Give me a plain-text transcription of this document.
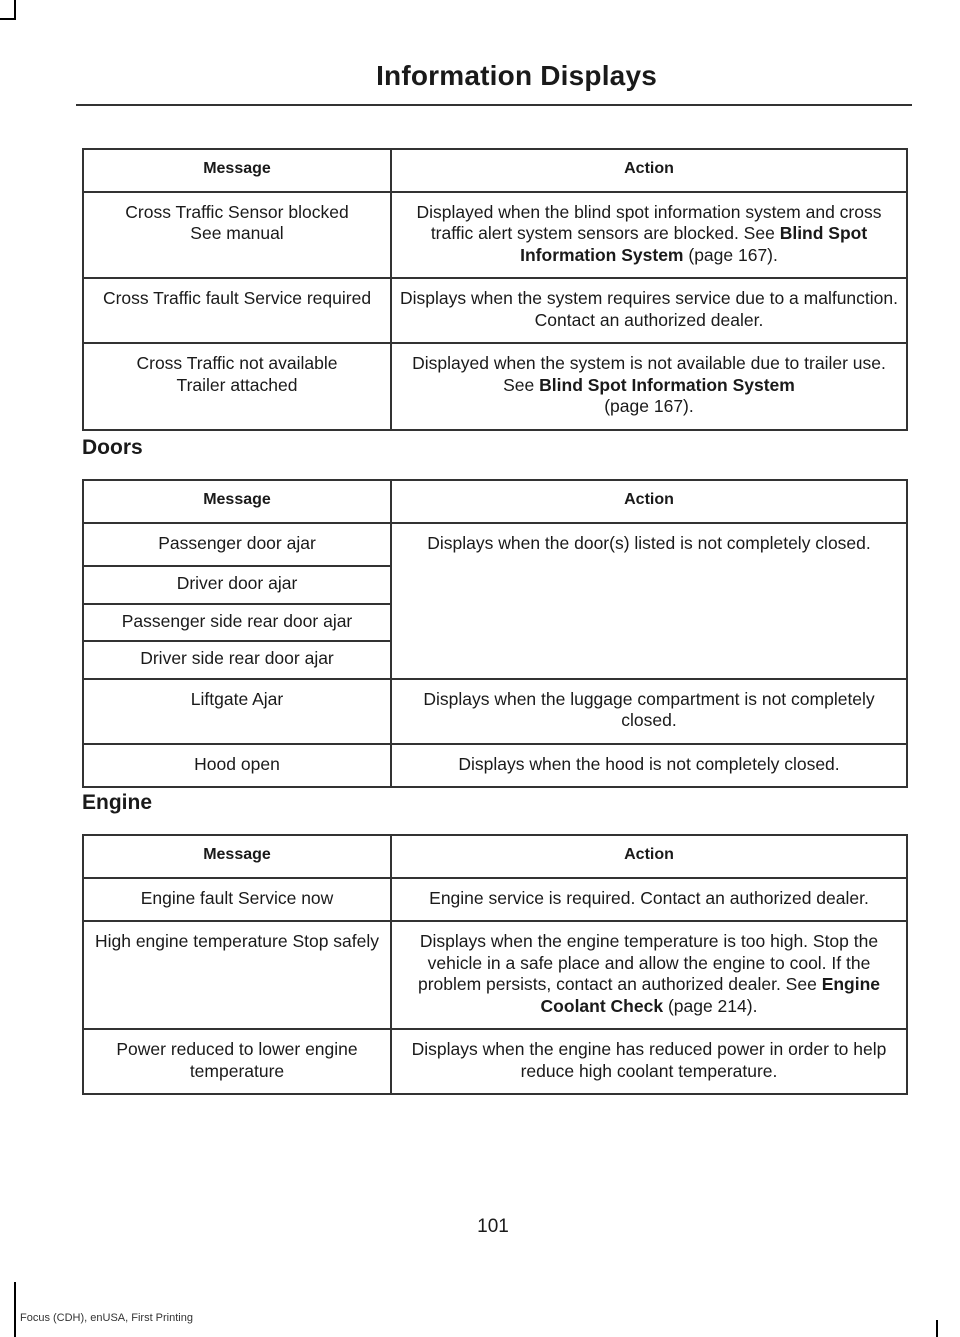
Information Displays
Message	Action
Cross Traffic Sensor blocked
See manual	Displayed when the blind spot information system and cross traffic alert system sensors are blocked. See Blind Spot Information System (page 167).
Cross Traffic fault Service required	Displays when the system requires service due to a malfunction. Contact an authorized dealer.
Cross Traffic not available
Trailer attached	Displayed when the system is not available due to trailer use. See Blind Spot Information System
(page 167).
Doors
Message	Action
Passenger door ajar	Displays when the door(s) listed is not completely closed.
Driver door ajar	
Passenger side rear door ajar	
Driver side rear door ajar	
Liftgate Ajar	Displays when the luggage compartment is not completely closed.
Hood open	Displays when the hood is not completely closed.
Engine
Message	Action
Engine fault Service now	Engine service is required. Contact an authorized dealer.
High engine temperature Stop safely	Displays when the engine temperature is too high. Stop the vehicle in a safe place and allow the engine to cool. If the problem persists, contact an authorized dealer. See Engine Coolant Check (page 214).
Power reduced to lower engine temperature	Displays when the engine has reduced power in order to help reduce high coolant temperature.
101
Focus (CDH), enUSA, First Printing
